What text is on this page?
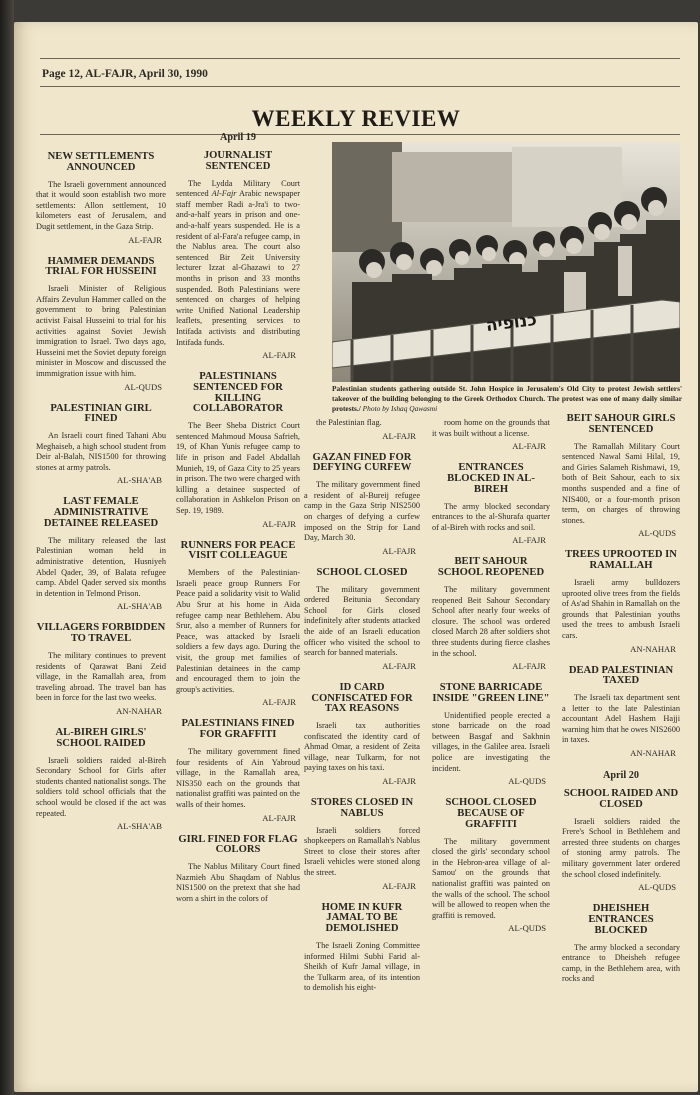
Page 12, AL-FAJR, April 30, 1990
WEEKLY REVIEW
כנופיה
Palestinian students gathering outside St. John Hospice in Jerusalem's Old City to protest Jewish settlers' takeover of the building belonging to the Greek Orthodox Church. The protest was one of many daily similar protests./ Photo by Ishaq Qawasmi
NEW SETTLEMENTS ANNOUNCED

The Israeli government announced that it would soon establish two more settlements: Allon settlement, 10 kilometers east of Jerusalem, and Dugit settlement, in the Gaza Strip.

AL-FAJR
HAMMER DEMANDS TRIAL FOR HUSSEINI

Israeli Minister of Religious Affairs Zevulun Hammer called on the government to bring Palestinian activist Faisal Husseini to trial for his activities against Soviet Jewish immigration to Israel. Two days ago, Husseini met the Soviet deputy foreign minister in Moscow and discussed the immmigration issue with him.

AL-QUDS
PALESTINIAN GIRL FINED

An Israeli court fined Tahani Abu Meghaiseb, a high school student from Deir al-Balah, NIS1500 for throwing stones at army patrols.

AL-SHA'AB
LAST FEMALE ADMINISTRATIVE DETAINEE RELEASED

The military released the last Palestinian woman held in administrative detention, Husniyeh Abdel Qader, 39, of Balata refugee camp. Abdel Qader served six months in detention in Telmond Prison.

AL-SHA'AB
VILLAGERS FORBIDDEN TO TRAVEL

The military continues to prevent residents of Qarawat Bani Zeid village, in the Ramallah area, from traveling abroad. The travel ban has been in force for the last two weeks.

AN-NAHAR
AL-BIREH GIRLS' SCHOOL RAIDED

Israeli soldiers raided al-Bireh Secondary School for Girls after students chanted nationalist songs. The soldiers told school officials that the school would be closed if the act was repeated.

AL-SHA'AB
April 19
JOURNALIST SENTENCED

The Lydda Military Court sentenced Al-Fajr Arabic newspaper staff member Radi a-Jra'i to two-and-a-half years in prison and one-and-a-half years suspended. He is a resident of al-Fara'a refugee camp, in the Nablus area. The court also sentenced Bir Zeit University lecturer Izzat al-Ghazawi to 27 months in prison and 33 months suspended. Both Palestinians were sentenced on charges of helping write Unified National Leadership leaflets, presenting services to Intifada activists and distributing Intifada funds.

AL-FAJR
PALESTINIANS SENTENCED FOR KILLING COLLABORATOR

The Beer Sheba District Court sentenced Mahmoud Mousa Safrieh, 19, of Khan Yunis refugee camp to life in prison and Fadel Abdallah Munieh, 19, of Gaza City to 25 years in prison. The two were charged with killing a detainee suspected of collaboration in Ashkelon Prison on Sep. 19, 1989.

AL-FAJR
RUNNERS FOR PEACE VISIT COLLEAGUE

Members of the Palestinian-Israeli peace group Runners For Peace paid a solidarity visit to Walid Abu Srur at his home in Aida refugee camp near Bethlehem. Abu Srur, also a member of Runners for Peace, was attacked by Israeli soldiers a few days ago. During the visit, the group met families of Palestinian detainees in the camp and encouraged them to join the group's activities.

AL-FAJR
PALESTINIANS FINED FOR GRAFFITI

The military government fined four residents of Ain Yabroud village, in the Ramallah area, NIS350 each on the grounds that nationalist graffiti was painted on the walls of their homes.

AL-FAJR
GIRL FINED FOR FLAG COLORS

The Nablus Military Court fined Nazmieh Abu Shaqdam of Nablus NIS1500 on the pretext that she had worn a shirt in the colors of

the Palestinian flag.

AL-FAJR
GAZAN FINED FOR DEFYING CURFEW

The military government fined a resident of al-Bureij refugee camp in the Gaza Strip NIS2500 on charges of defying a curfew imposed on the Strip for Land Day, March 30.

AL-FAJR
SCHOOL CLOSED

The military government ordered Beitunia Secondary School for Girls closed indefinitely after students attacked the aide of an Israeli education officer who visited the school to search for banned materials.

AL-FAJR
ID CARD CONFISCATED FOR TAX REASONS

Israeli tax authorities confiscated the identity card of Ahmad Omar, a resident of Zeita village, near Tulkarm, for not paying taxes on his taxi.

AL-FAJR
STORES CLOSED IN NABLUS

Israeli soldiers forced shopkeepers on Ramallah's Nablus Street to close their stores after Israeli vehicles were stoned along the street.

AL-FAJR
HOME IN KUFR JAMAL TO BE DEMOLISHED

The Israeli Zoning Committee informed Hilmi Subhi Farid al-Sheikh of Kufr Jamal village, in the Tulkarm area, of its intention to demolish his eight-

room home on the grounds that it was built without a license.

AL-FAJR
ENTRANCES BLOCKED IN AL-BIREH

The army blocked secondary entrances to the al-Shurafa quarter of al-Bireh with rocks and soil.

AL-FAJR
BEIT SAHOUR SCHOOL REOPENED

The military government reopened Beit Sahour Secondary School after nearly four weeks of closure. The school was ordered closed March 28 after soldiers shot three students during fierce clashes in the school.

AL-FAJR
STONE BARRICADE INSIDE "GREEN LINE"

Unidentified people erected a stone barricade on the road between Basgaf and Sakhnin villages, in the Galilee area. Israeli police are investigating the incident.

AL-QUDS
SCHOOL CLOSED BECAUSE OF GRAFFITI

The military government closed the girls' secondary school in the Hebron-area village of al-Samou' on the grounds that nationalist graffiti was painted on the walls of the school. The school will be allowed to reopen when the graffiti is removed.

AL-QUDS
BEIT SAHOUR GIRLS SENTENCED

The Ramallah Military Court sentenced Nawal Sami Hilal, 19, and Giries Salameh Rishmawi, 19, both of Beit Sahour, each to six months suspended and a fine of NIS400, or a four-month prison term, on charges of throwing stones.

AL-QUDS
TREES UPROOTED IN RAMALLAH

Israeli army bulldozers uprooted olive trees from the fields of As'ad Shahin in Ramallah on the grounds that Palestinian youths used the trees to ambush Israeli cars.

AN-NAHAR
DEAD PALESTINIAN TAXED

The Israeli tax department sent a letter to the late Palestinian accountant Adel Hashem Hajji warning him that he owes NIS2600 in taxes.

AN-NAHAR
April 20
SCHOOL RAIDED AND CLOSED

Israeli soldiers raided the Frere's School in Bethlehem and arrested three students on charges of stoning army patrols. The military government later ordered the school closed indefinitely.

AL-QUDS
DHEISHEH ENTRANCES BLOCKED

The army blocked a secondary entrance to Dheisheh refugee camp, in the Bethlehem area, with rocks and
